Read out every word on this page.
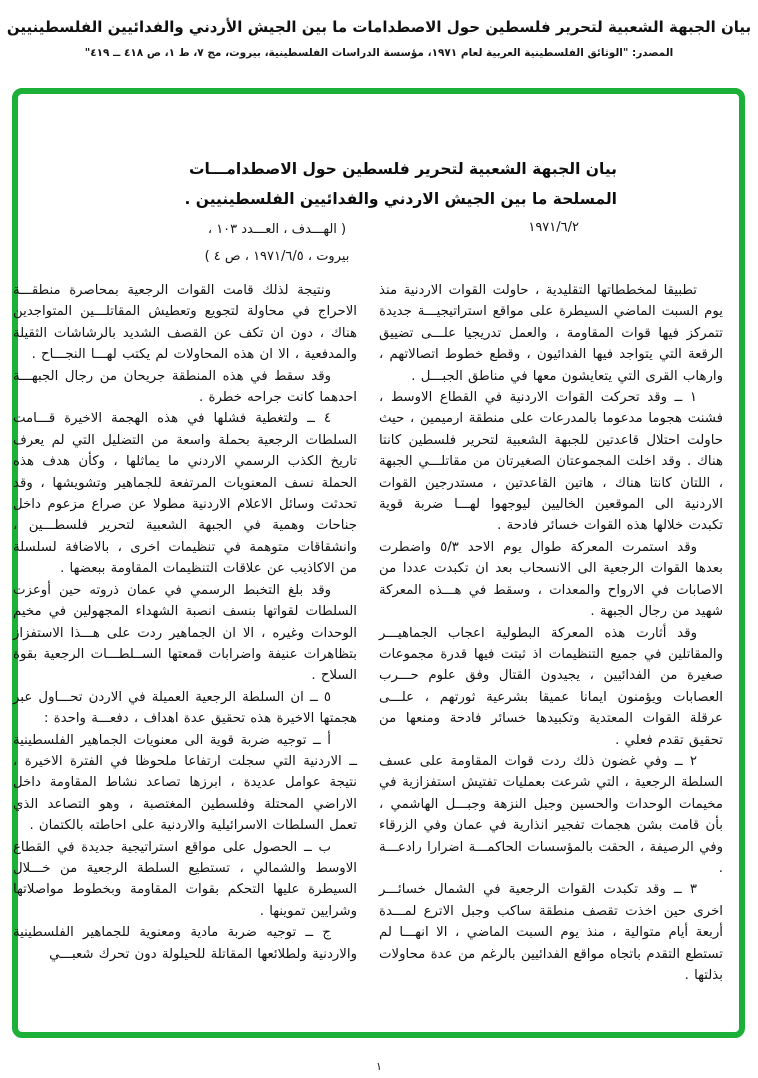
بيان الجبهة الشعبية لتحرير فلسطين حول الاصطدامات ما بين الجيش الأردني والفدائيين الفلسطينيين
المصدر: "الوثائق الفلسطينية العربية لعام ١٩٧١، مؤسسة الدراسات الفلسطينية، بيروت، مج ٧، ط ١، ص ٤١٨ ــ ٤١٩"
بيان الجبهة الشعبية لتحرير فلسطين حول الاصطدامـــات
المسلحة ما بين الجيش الاردني والفدائيين الفلسطينيين .
١٩٧١/٦/٢
( الهـــدف ، العـــدد ١٠٣ ،
بيروت ، ١٩٧١/٦/٥ ، ص ٤ )

تطبيقا لمخططاتها التقليدية ، حاولت القوات الاردنية منذ يوم السبت الماضي السيطرة على مواقع استراتيجيـــة جديدة تتمركز فيها قوات المقاومة ، والعمل تدريجيا علـــى تضييق الرقعة التي يتواجد فيها الفدائيون ، وقطع خطوط اتصالاتهم ، وارهاب القرى التي يتعايشون معها في مناطق الجبـــل .

١ ــ وقد تحركت القوات الاردنية في القطاع الاوسط ، فشنت هجوما مدعوما بالمدرعات على منطقة ارميمين ، حيث حاولت احتلال قاعدتين للجبهة الشعبية لتحرير فلسطين كانتا هناك . وقد اخلت المجموعتان الصغيرتان من مقاتلـــي الجبهة ، اللتان كانتا هناك ، هاتين القاعدتين ، مستدرجين القوات الاردنية الى الموقعين الخاليين ليوجهوا لهـــا ضربة قوية تكبدت خلالها هذه القوات خسائر فادحة .

وقد استمرت المعركة طوال يوم الاحد ٥/٣ واضطرت بعدها القوات الرجعية الى الانسحاب بعد ان تكبدت عددا من الاصابات في الارواح والمعدات ، وسقط في هـــذه المعركة شهيد من رجال الجبهة .

وقد أثارت هذه المعركة البطولية اعجاب الجماهيـــر والمقاتلين في جميع التنظيمات اذ ثبتت فيها قدرة مجموعات صغيرة من الفدائيين ، يجيدون القتال وفق علوم حـــرب العصابات ويؤمنون ايمانا عميقا بشرعية ثورتهم ، علـــى عرقلة القوات المعتدية وتكبيدها خسائر فادحة ومنعها من تحقيق تقدم فعلي .

٢ ــ وفي غضون ذلك ردت قوات المقاومة على عسف السلطة الرجعية ، التي شرعت بعمليات تفتيش استفزازية في مخيمات الوحدات والحسين وجبل النزهة وجبـــل الهاشمي ، بأن قامت بشن هجمات تفجير انذارية في عمان وفي الزرقاء وفي الرصيفة ، الحقت بالمؤسسات الحاكمـــة اضرارا رادعـــة .

٣ ــ وقد تكبدت القوات الرجعية في الشمال خسائـــر اخرى حين اخذت تقصف منطقة ساكب وجبل الاترع لمـــدة أربعة أيام متوالية ، منذ يوم السبت الماضي ، الا انهـــا لم تستطع التقدم باتجاه مواقع الفدائيين بالرغم من عدة محاولات بذلتها .

ونتيجة لذلك قامت القوات الرجعية بمحاصرة منطقـــة الاحراج في محاولة لتجويع وتعطيش المقاتلـــين المتواجدين هناك ، دون ان تكف عن القصف الشديد بالرشاشات الثقيلة والمدفعية ، الا ان هذه المحاولات لم يكتب لهـــا النجـــاح .

وقد سقط في هذه المنطقة جريحان من رجال الجبهـــة احدهما كانت جراحه خطرة .

٤ ــ ولتغطية فشلها في هذه الهجمة الاخيرة قـــامت السلطات الرجعية بحملة واسعة من التضليل التي لم يعرف تاريخ الكذب الرسمي الاردني ما يماثلها ، وكأن هدف هذه الحملة نسف المعنويات المرتفعة للجماهير وتشويشها ، وقد تحدثت وسائل الاعلام الاردنية مطولا عن صراع مزعوم داخل جناحات وهمية في الجبهة الشعبية لتحرير فلسطـــين ، وانشقاقات متوهمة في تنظيمات اخرى ، بالاضافة لسلسلة من الاكاذيب عن علاقات التنظيمات المقاومة ببعضها .

وقد بلغ التخبط الرسمي في عمان ذروته حين أوعزت السلطات لقواتها بنسف انصبة الشهداء المجهولين في مخيم الوحدات وغيره ، الا ان الجماهير ردت على هـــذا الاستفزاز بتظاهرات عنيفة واضرابات قمعتها الســلطـــات الرجعية بقوة السلاح .

٥ ــ ان السلطة الرجعية العميلة في الاردن تحـــاول عبر هجمتها الاخيرة هذه تحقيق عدة اهداف ، دفعـــة واحدة :

أ ــ توجيه ضربة قوية الى معنويات الجماهير الفلسطينية ــ الاردنية التي سجلت ارتفاعا ملحوظا في الفترة الاخيرة ، نتيجة عوامل عديدة ، ابرزها تصاعد نشاط المقاومة داخل الاراضي المحتلة وفلسطين المغتصبة ، وهو التصاعد الذي تعمل السلطات الاسرائيلية والاردنية على احاطته بالكتمان .

ب ــ الحصول على مواقع استراتيجية جديدة في القطاع الاوسط والشمالي ، تستطيع السلطة الرجعية من خـــلال السيطرة عليها التحكم بقوات المقاومة وبخطوط مواصلاتها وشرايين تموينها .

ج ــ توجيه ضربة مادية ومعنوية للجماهير الفلسطينية والاردنية ولطلائعها المقاتلة للحيلولة دون تحرك شعبـــي

١
